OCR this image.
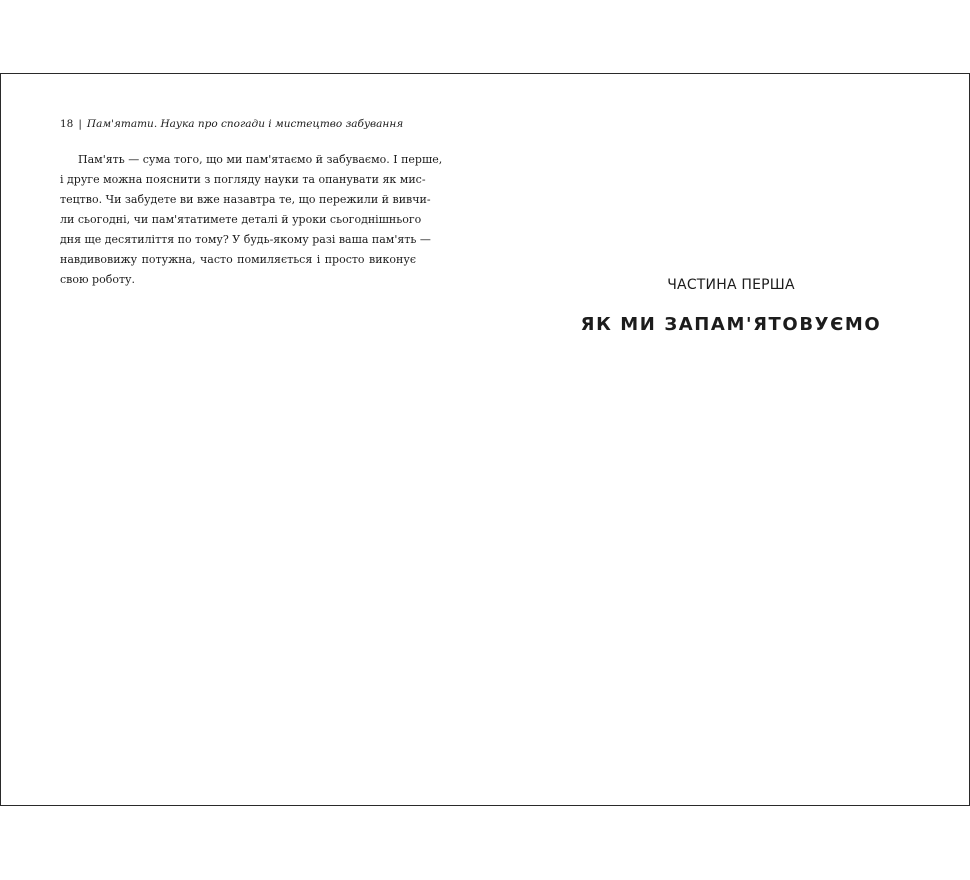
18 | Пам'ятати. Наука про спогади і мистецтво забування
Пам'ять — сума того, що ми пам'ятаємо й забуваємо. І перше,
і друге можна пояснити з погляду науки та опанувати як мис-
тецтво. Чи забудете ви вже назавтра те, що пережили й вивчи-
ли сьогодні, чи пам'ятатимете деталі й уроки сьогоднішнього
дня ще десятиліття по тому? У будь-якому разі ваша пам'ять —
навдивовижу потужна, часто помиляється і просто виконує
свою роботу.	ЧАСТИНА ПЕРША
ЯК МИ ЗАПАМ'ЯТОВУЄМО
